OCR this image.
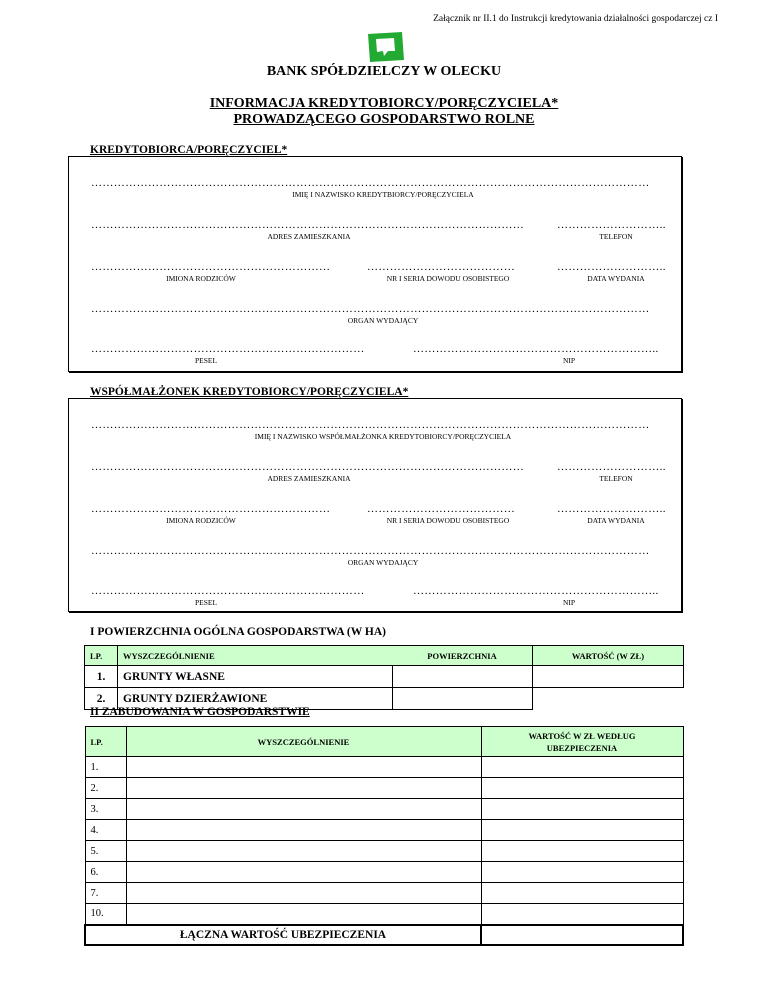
Załącznik nr II.1 do Instrukcji kredytowania działalności gospodarczej cz I
BANK SPÓŁDZIELCZY W OLECKU
INFORMACJA KREDYTOBIORCY/PORĘCZYCIELA*
PROWADZĄCEGO GOSPODARSTWO ROLNE
KREDYTOBIORCA/PORĘCZYCIEL*
…………………………………………………………………………………………………………………………………
IMIĘ I NAZWISKO KREDYTBIORCY/PORĘCZYCIELA
……………………………………………………………………………………………………
ADRES ZAMIESZKANIA
………………………..
TELEFON
………………………………………………………
IMIONA RODZICÓW
…………………………………
NR I SERIA DOWODU OSOBISTEGO
………………………..
DATA WYDANIA
…………………………………………………………………………………………………………………………………
ORGAN WYDAJĄCY
………………………………………………………………
PESEL
………………………………………………………..
NIP
WSPÓŁMAŁŻONEK KREDYTOBIORCY/PORĘCZYCIELA*
…………………………………………………………………………………………………………………………………
IMIĘ I NAZWISKO WSPÓŁMAŁŻONKA KREDYTOBIORCY/PORĘCZYCIELA
……………………………………………………………………………………………………
ADRES ZAMIESZKANIA
………………………..
TELEFON
………………………………………………………
IMIONA RODZICÓW
…………………………………
NR I SERIA DOWODU OSOBISTEGO
………………………..
DATA WYDANIA
…………………………………………………………………………………………………………………………………
ORGAN WYDAJĄCY
………………………………………………………………
PESEL
………………………………………………………..
NIP
I POWIERZCHNIA OGÓLNA GOSPODARSTWA (W HA)
LP.	WYSZCZEGÓLNIENIE	POWIERZCHNIA	WARTOŚĆ (W ZŁ)
1.	GRUNTY WŁASNE		
2.	GRUNTY DZIERŻAWIONE		
II ZABUDOWANIA W GOSPODARSTWIE
LP.	WYSZCZEGÓLNIENIE	WARTOŚĆ W ZŁ WEDŁUG
UBEZPIECZENIA

1.		
2.		
3.		
4.		
5.		
6.		
7.		
10.		
ŁĄCZNA WARTOŚĆ UBEZPIECZENIA		
